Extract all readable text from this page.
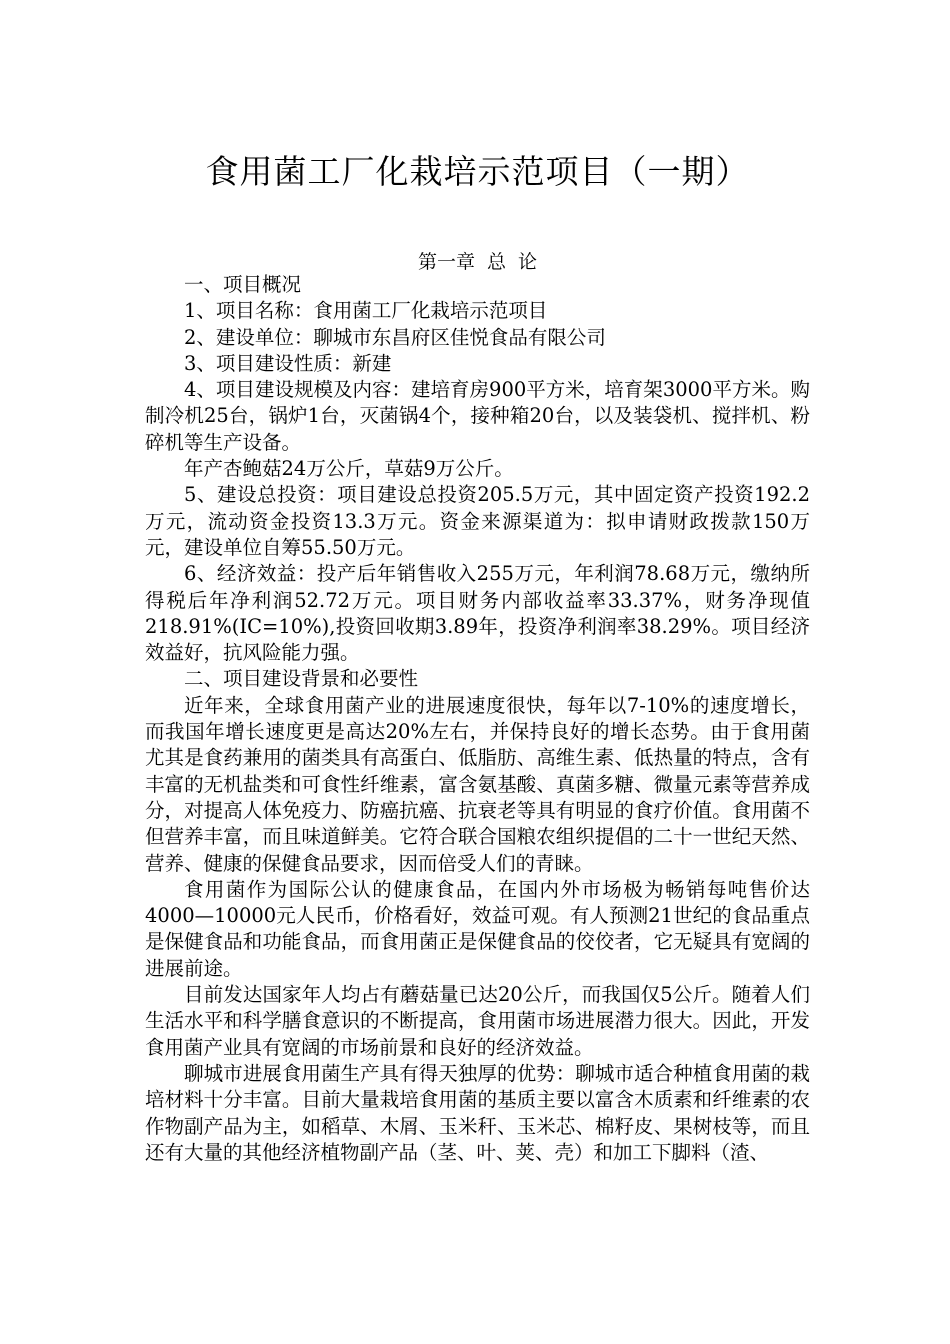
食用菌工厂化栽培示范项目（一期）
第一章 总 论

一、项目概况

1、项目名称：食用菌工厂化栽培示范项目

2、建设单位：聊城市东昌府区佳悦食品有限公司

3、项目建设性质：新建

4、项目建设规模及内容：建培育房900平方米，培育架3000平方米。购制冷机25台，锅炉1台，灭菌锅4个，接种箱20台，以及装袋机、搅拌机、粉碎机等生产设备。

年产杏鲍菇24万公斤，草菇9万公斤。

5、建设总投资：项目建设总投资205.5万元，其中固定资产投资192.2万元，流动资金投资13.3万元。资金来源渠道为：拟申请财政拨款150万元，建设单位自筹55.50万元。

6、经济效益：投产后年销售收入255万元，年利润78.68万元，缴纳所得税后年净利润52.72万元。项目财务内部收益率33.37%，财务净现值218.91%(IC=10%),投资回收期3.89年，投资净利润率38.29%。项目经济效益好，抗风险能力强。

二、项目建设背景和必要性

近年来，全球食用菌产业的进展速度很快，每年以7-10%的速度增长，而我国年增长速度更是高达20%左右，并保持良好的增长态势。由于食用菌尤其是食药兼用的菌类具有高蛋白、低脂肪、高维生素、低热量的特点，含有丰富的无机盐类和可食性纤维素，富含氨基酸、真菌多糖、微量元素等营养成分，对提高人体免疫力、防癌抗癌、抗衰老等具有明显的食疗价值。食用菌不但营养丰富，而且味道鲜美。它符合联合国粮农组织提倡的二十一世纪天然、营养、健康的保健食品要求，因而倍受人们的青睐。

食用菌作为国际公认的健康食品，在国内外市场极为畅销每吨售价达4000—10000元人民币，价格看好，效益可观。有人预测21世纪的食品重点是保健食品和功能食品，而食用菌正是保健食品的佼佼者，它无疑具有宽阔的进展前途。

目前发达国家年人均占有蘑菇量已达20公斤，而我国仅5公斤。随着人们生活水平和科学膳食意识的不断提高，食用菌市场进展潜力很大。因此，开发食用菌产业具有宽阔的市场前景和良好的经济效益。

聊城市进展食用菌生产具有得天独厚的优势：聊城市适合种植食用菌的栽培材料十分丰富。目前大量栽培食用菌的基质主要以富含木质素和纤维素的农作物副产品为主，如稻草、木屑、玉米秆、玉米芯、棉籽皮、果树枝等，而且还有大量的其他经济植物副产品（茎、叶、荚、壳）和加工下脚料（渣、
